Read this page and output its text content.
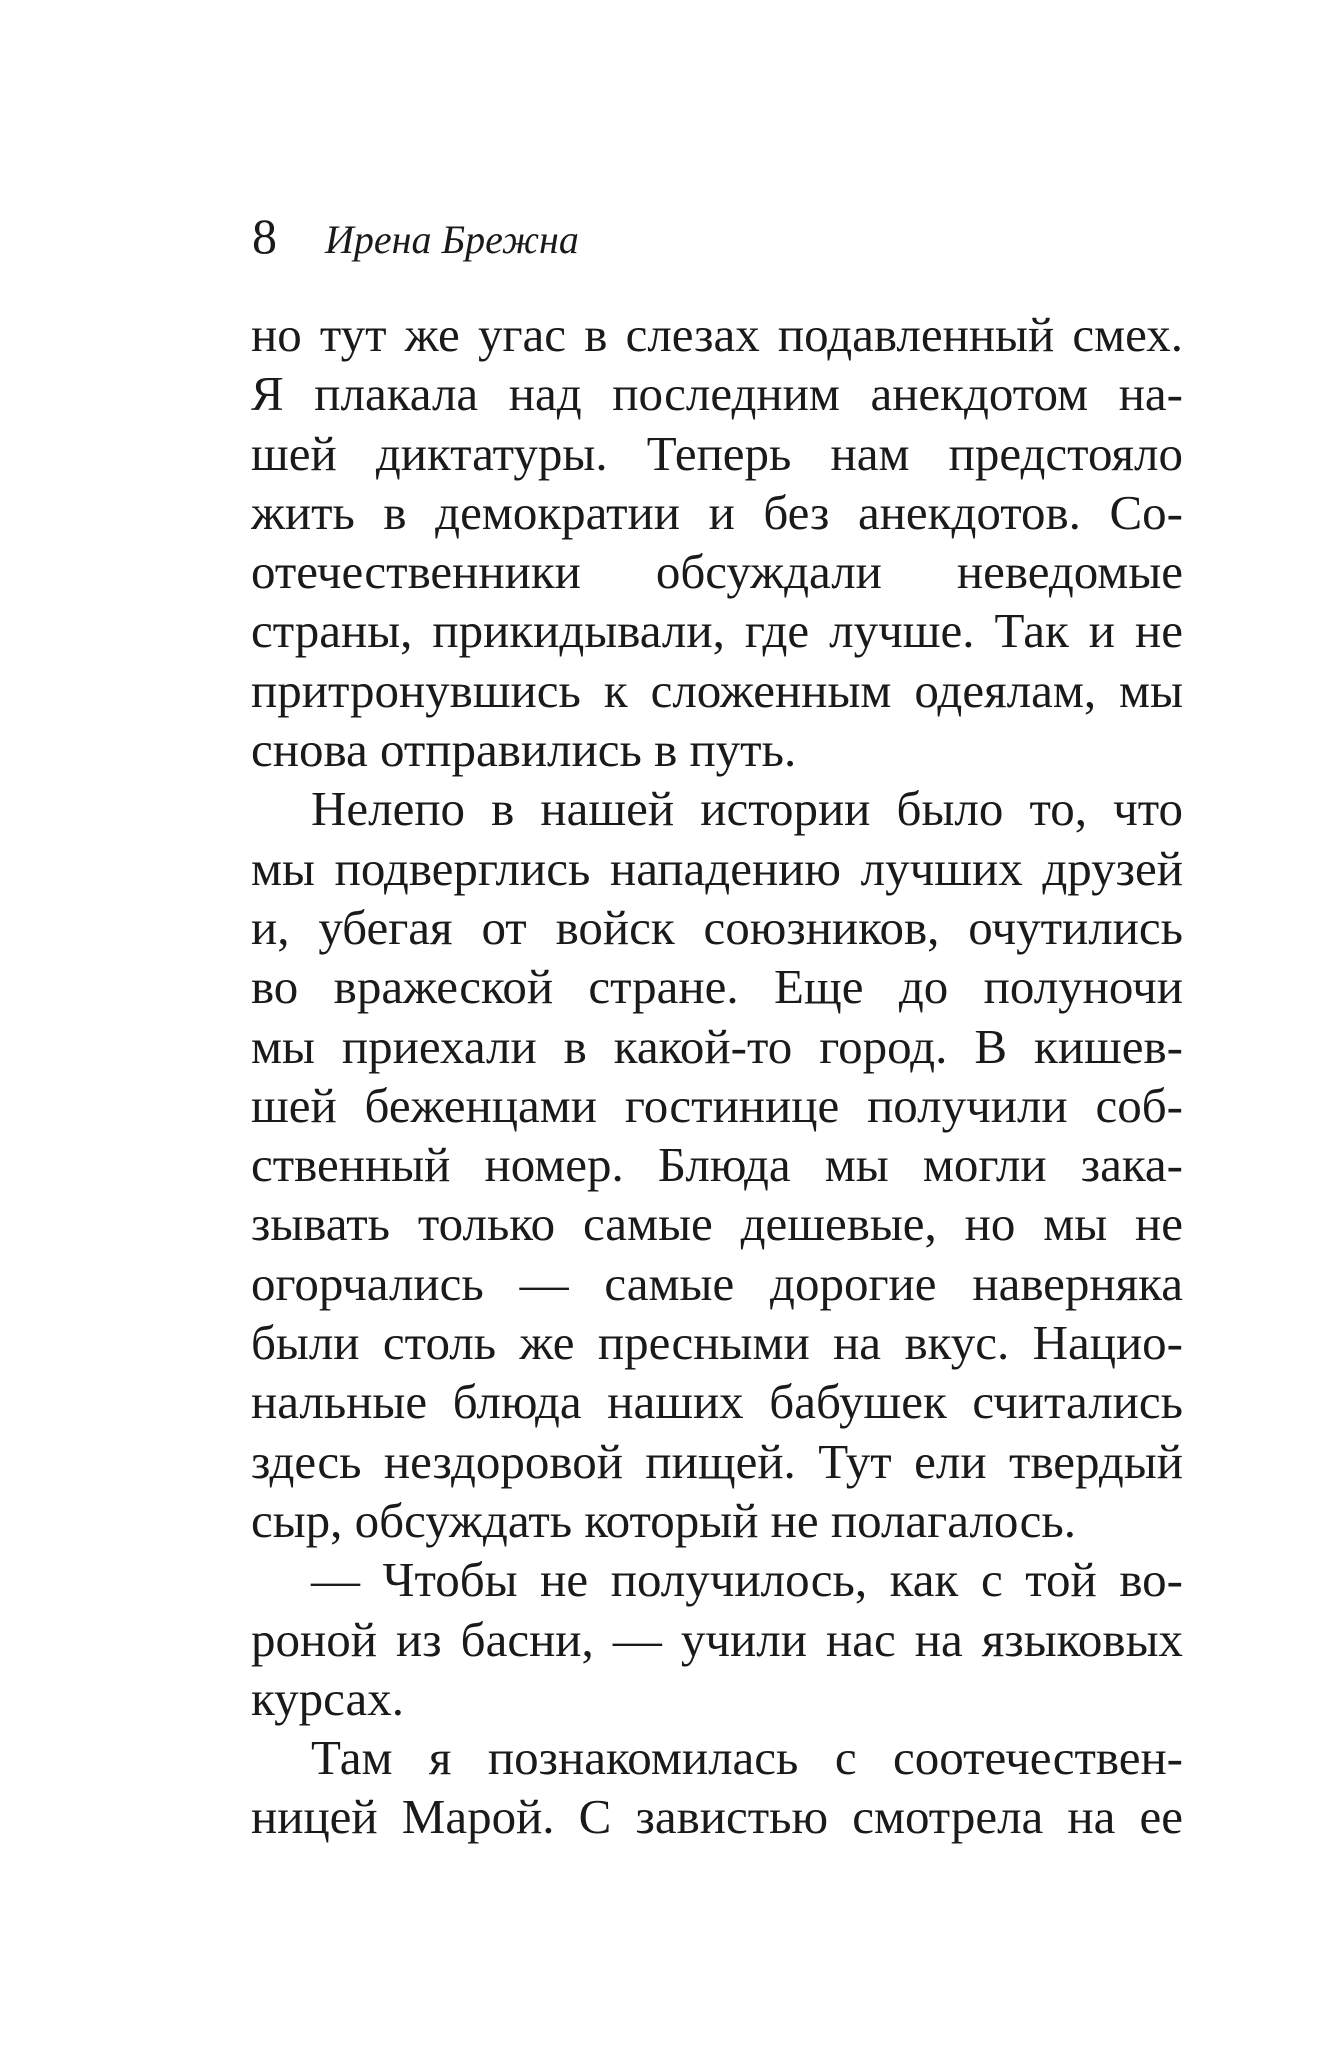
8 Ирена Брежна
но тут же угас в слезах подавленный смех.
Я плакала над последним анекдотом на-
шей диктатуры. Теперь нам предстояло
жить в демократии и без анекдотов. Со-
отечественники обсуждали неведомые
страны, прикидывали, где лучше. Так и не
притронувшись к сложенным одеялам, мы
снова отправились в путь.
Нелепо в нашей истории было то, что
мы подверглись нападению лучших друзей
и, убегая от войск союзников, очутились
во вражеской стране. Еще до полуночи
мы приехали в какой-то город. В кишев-
шей беженцами гостинице получили соб-
ственный номер. Блюда мы могли зака-
зывать только самые дешевые, но мы не
огорчались — самые дорогие наверняка
были столь же пресными на вкус. Нацио-
нальные блюда наших бабушек считались
здесь нездоровой пищей. Тут ели твердый
сыр, обсуждать который не полагалось.
— Чтобы не получилось, как с той во-
роной из басни, — учили нас на языковых
курсах.
Там я познакомилась с соотечествен-
ницей Марой. С завистью смотрела на ее
